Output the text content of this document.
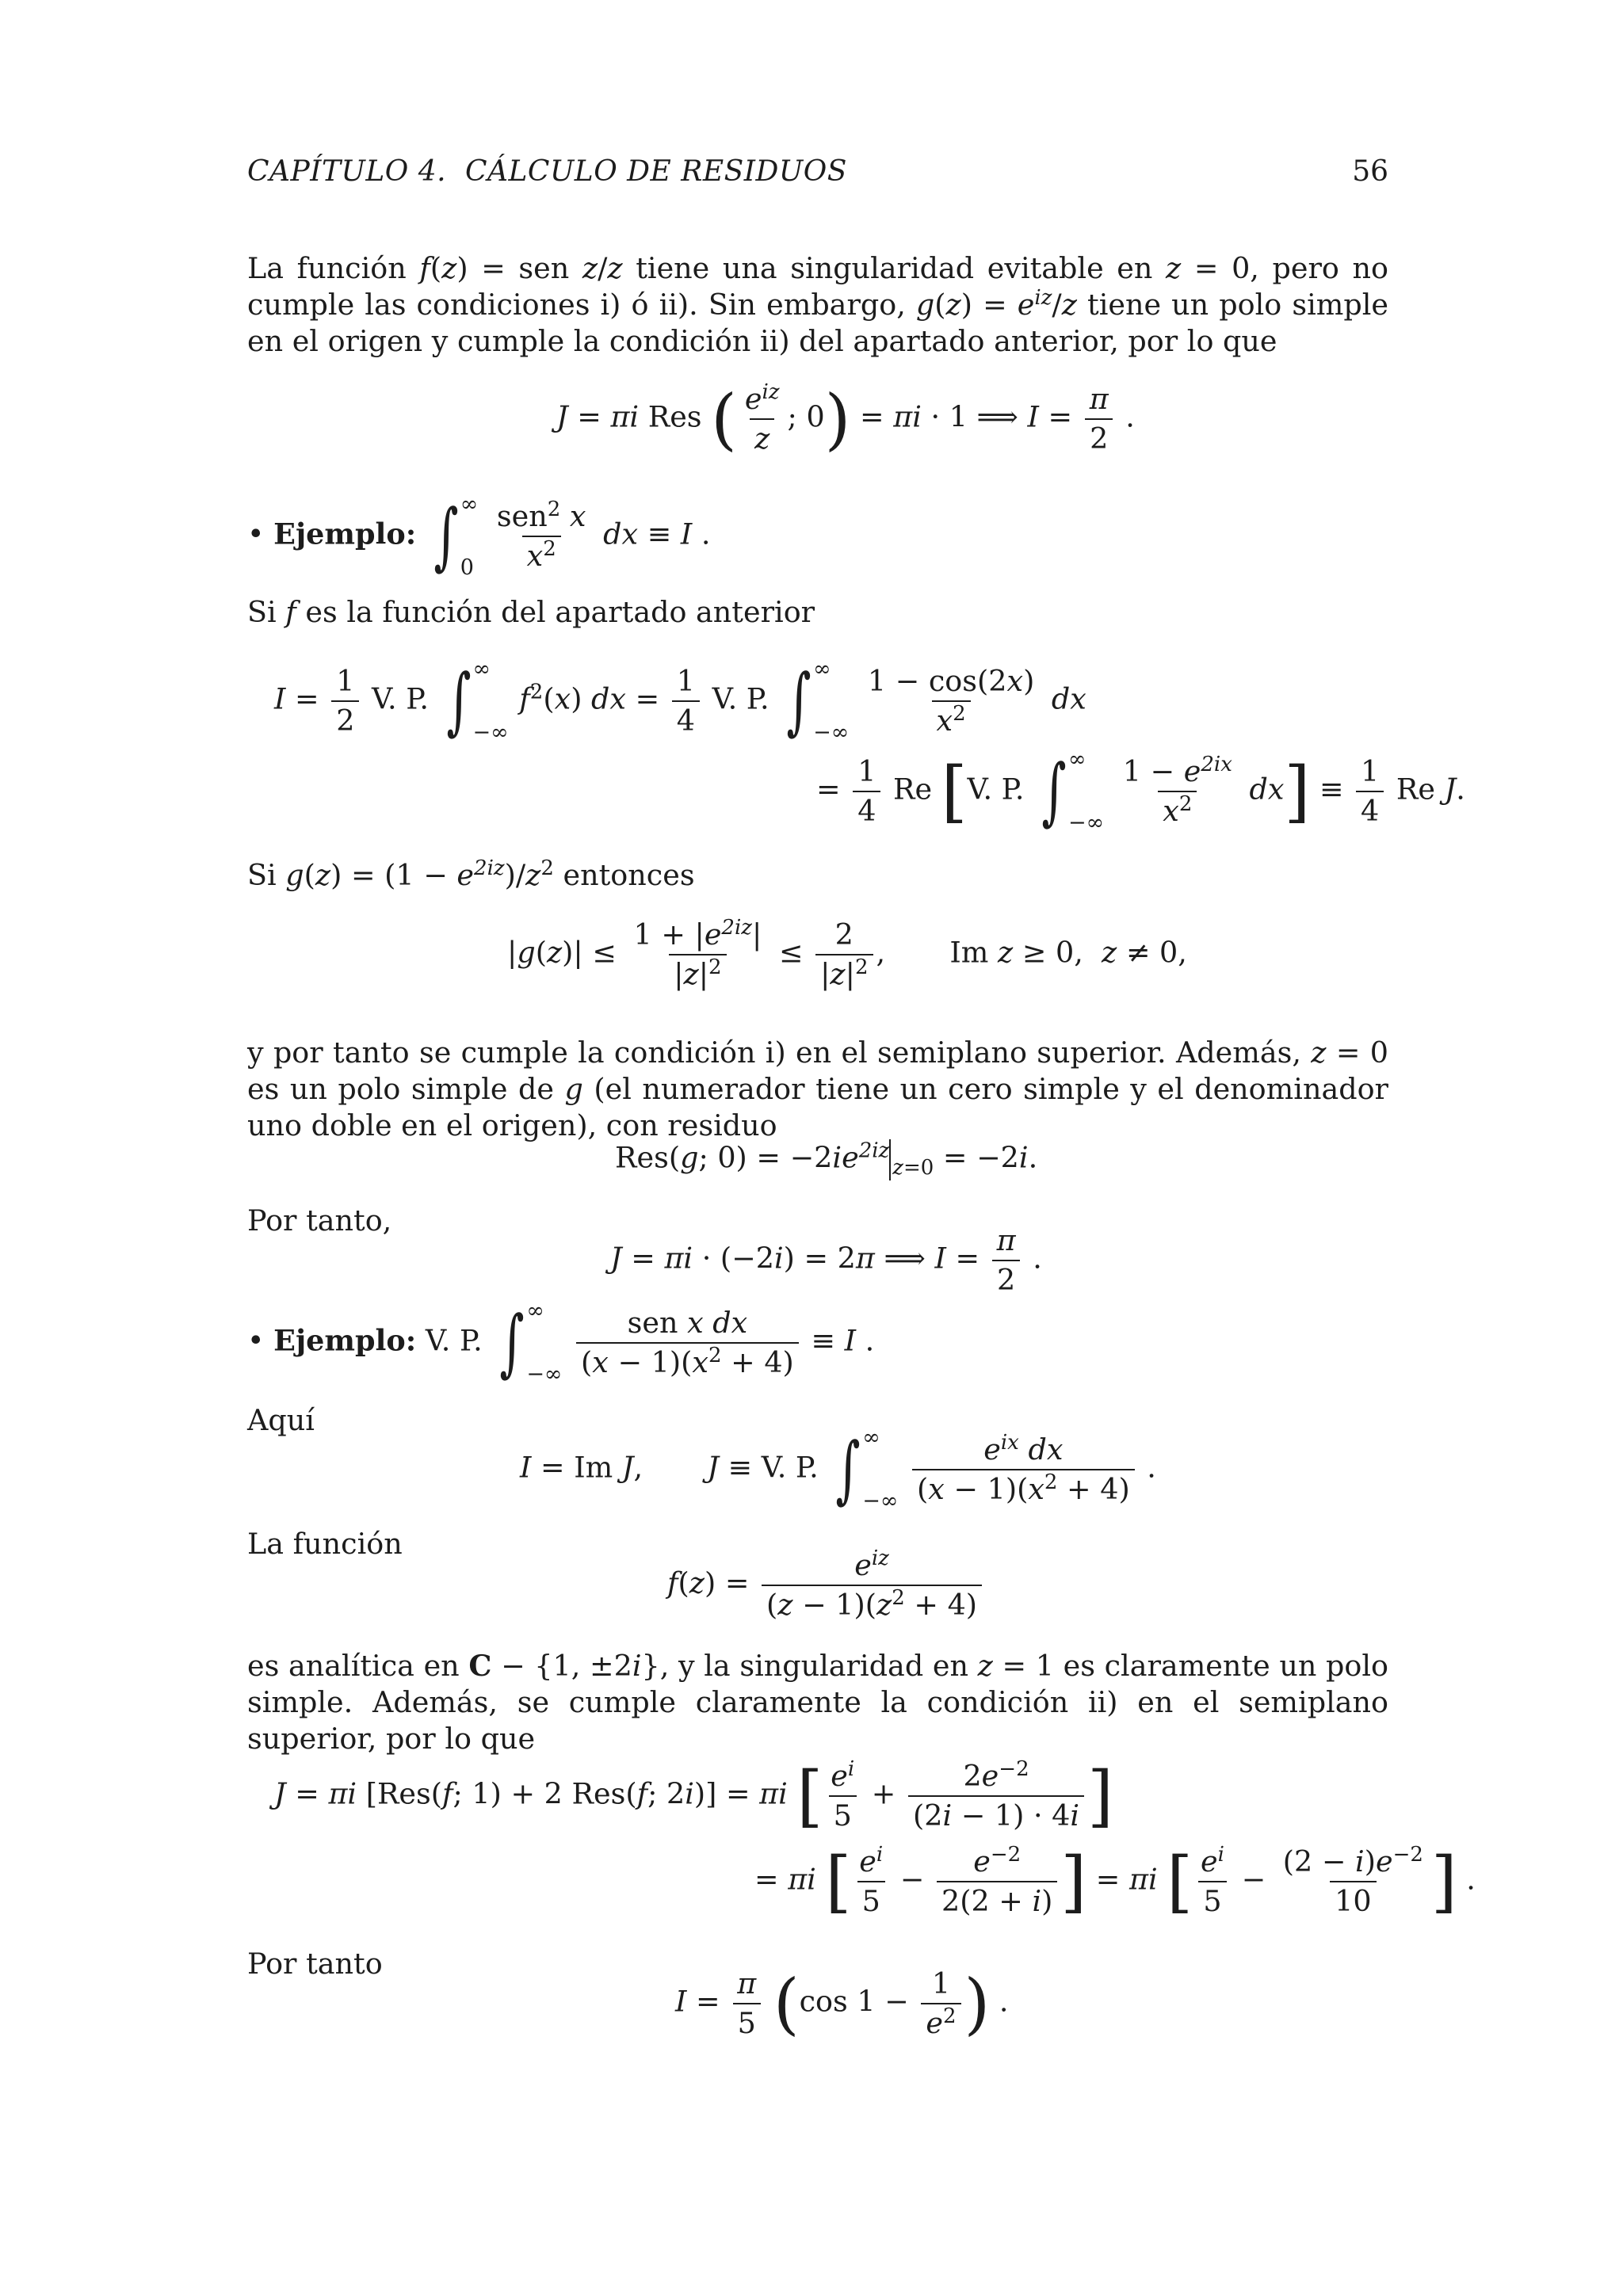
CAPÍTULO 4. CÁLCULO DE RESIDUOS	56

La función f(z) = sen z/z tiene una singularidad evitable en z = 0, pero no cumple las condiciones i) ó ii). Sin embargo, $g(z) = e^{iz}/z$ tiene un polo simple en el origen y cumple la condición ii) del apartado anterior, por lo que

J = πi Res ( $e^{iz}$
z
; 0) = πi · 1 ⟹ $I = \frac{\pi}{2}$ .
• Ejemplo: ∫ ∞
0

sen$^2$ x
$x^2$ dx ≡ I .

Si f es la función del apartado anterior

$I = \frac{1}{2} V$. P. ∫ ∞
−∞
$f^2(x)$ dx = $\frac{1}{4} V$. P. ∫ ∞
−∞
$\frac{1 - \cos(2x)}{x^2}$ dx
= $\frac{1}{4}$ Re [V. P. ∫ ∞
−∞
$\frac{1 - e^{2ix}}{x^2} dx] \equiv \frac{1}{4}$ Re J.

Si $g(z) = (1 - e^{2iz})/z^2$ entonces

$|g(z)| \le \frac{1 + |e^{2iz}|}{|z|^2} \le \frac{2}{|z|^2}$ ,       Im z ≥ 0,  z ≠ 0,

y por tanto se cumple la condición i) en el semiplano superior. Además, z = 0 es un polo simple de g (el numerador tiene un cero simple y el denominador uno doble en el origen), con residuo

Res(g; $0) = -2ie^{2iz}_{z=0} = -2i$.

Por tanto,

J = πi · (−2i) = 2π ⟹ $I = \frac{\pi}{2}$ .
• Ejemplo: V. P. ∫ ∞
−∞

sen x dx
$(x - 1)(x^2 + 4)$
≡ I .

Aquí

I = Im J,       J ≡ V. P. ∫ ∞
−∞

$e^{ix}$ dx
$(x - 1)(x^2 + 4)$
.

La función

f(z) =
$e^{iz}$
$(z - 1)(z^2 + 4)$

es analítica en C − {1, ±2i}, y la singularidad en z = 1 es claramente un polo simple. Además, se cumple claramente la condición ii) en el semiplano superior, por lo que

J = πi [Res(f; 1) + 2 Res(f; 2i)] = πi [ $\frac{e^i}{5} + \frac{2e^{-2}}{(2i - 1) \cdot 4i}$ ]
= πi [ $\frac{e^i}{5} - \frac{e^{-2}}{2(2 + i)}$ ] = πi [ $\frac{e^i}{5} - \frac{(2 - i)e^{-2}}{10}$ ] .

Por tanto

$I = \frac{\pi}{5} (\cos$ $1 - \frac{1}{e^2}$ ) .
